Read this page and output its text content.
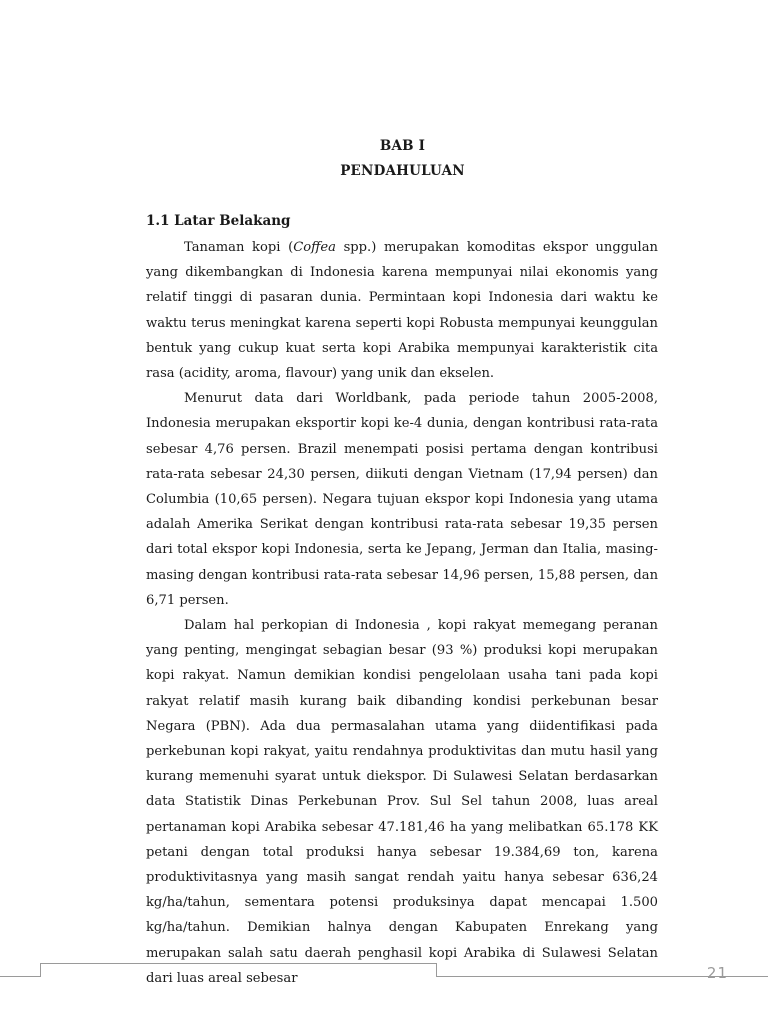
BAB I
PENDAHULUAN
1.1 Latar Belakang

Tanaman kopi (Coffea spp.) merupakan komoditas ekspor unggulan yang dikembangkan di Indonesia karena mempunyai nilai ekonomis yang relatif tinggi di pasaran dunia. Permintaan kopi Indonesia dari waktu ke waktu terus meningkat karena seperti kopi Robusta mempunyai keunggulan bentuk yang cukup kuat serta kopi Arabika mempunyai karakteristik cita rasa (acidity, aroma, flavour) yang unik dan ekselen.

Menurut data dari Worldbank, pada periode tahun 2005-2008, Indonesia merupakan eksportir kopi ke-4 dunia, dengan kontribusi rata-rata sebesar 4,76 persen. Brazil menempati posisi pertama dengan kontribusi rata-rata sebesar 24,30 persen, diikuti dengan Vietnam (17,94 persen) dan Columbia (10,65 persen). Negara tujuan ekspor kopi Indonesia yang utama adalah Amerika Serikat dengan kontribusi rata-rata sebesar 19,35 persen dari total ekspor kopi Indonesia, serta ke Jepang, Jerman dan Italia, masing-masing dengan kontribusi rata-rata sebesar 14,96 persen, 15,88 persen, dan 6,71 persen.

Dalam hal perkopian di Indonesia , kopi rakyat memegang peranan yang penting, mengingat sebagian besar (93 %) produksi kopi merupakan kopi rakyat. Namun demikian kondisi pengelolaan usaha tani pada kopi rakyat relatif masih kurang baik dibanding kondisi perkebunan besar Negara (PBN). Ada dua permasalahan utama yang diidentifikasi pada perkebunan kopi rakyat, yaitu rendahnya produktivitas dan mutu hasil yang kurang memenuhi syarat untuk diekspor. Di Sulawesi Selatan berdasarkan data Statistik Dinas Perkebunan Prov. Sul Sel tahun 2008, luas areal pertanaman kopi Arabika sebesar 47.181,46 ha yang melibatkan 65.178 KK petani dengan total produksi hanya sebesar 19.384,69 ton, karena produktivitasnya yang masih sangat rendah yaitu hanya sebesar 636,24 kg/ha/tahun, sementara potensi produksinya dapat mencapai 1.500 kg/ha/tahun. Demikian halnya dengan Kabupaten Enrekang yang merupakan salah satu daerah penghasil kopi Arabika di Sulawesi Selatan dari luas areal sebesar	21
